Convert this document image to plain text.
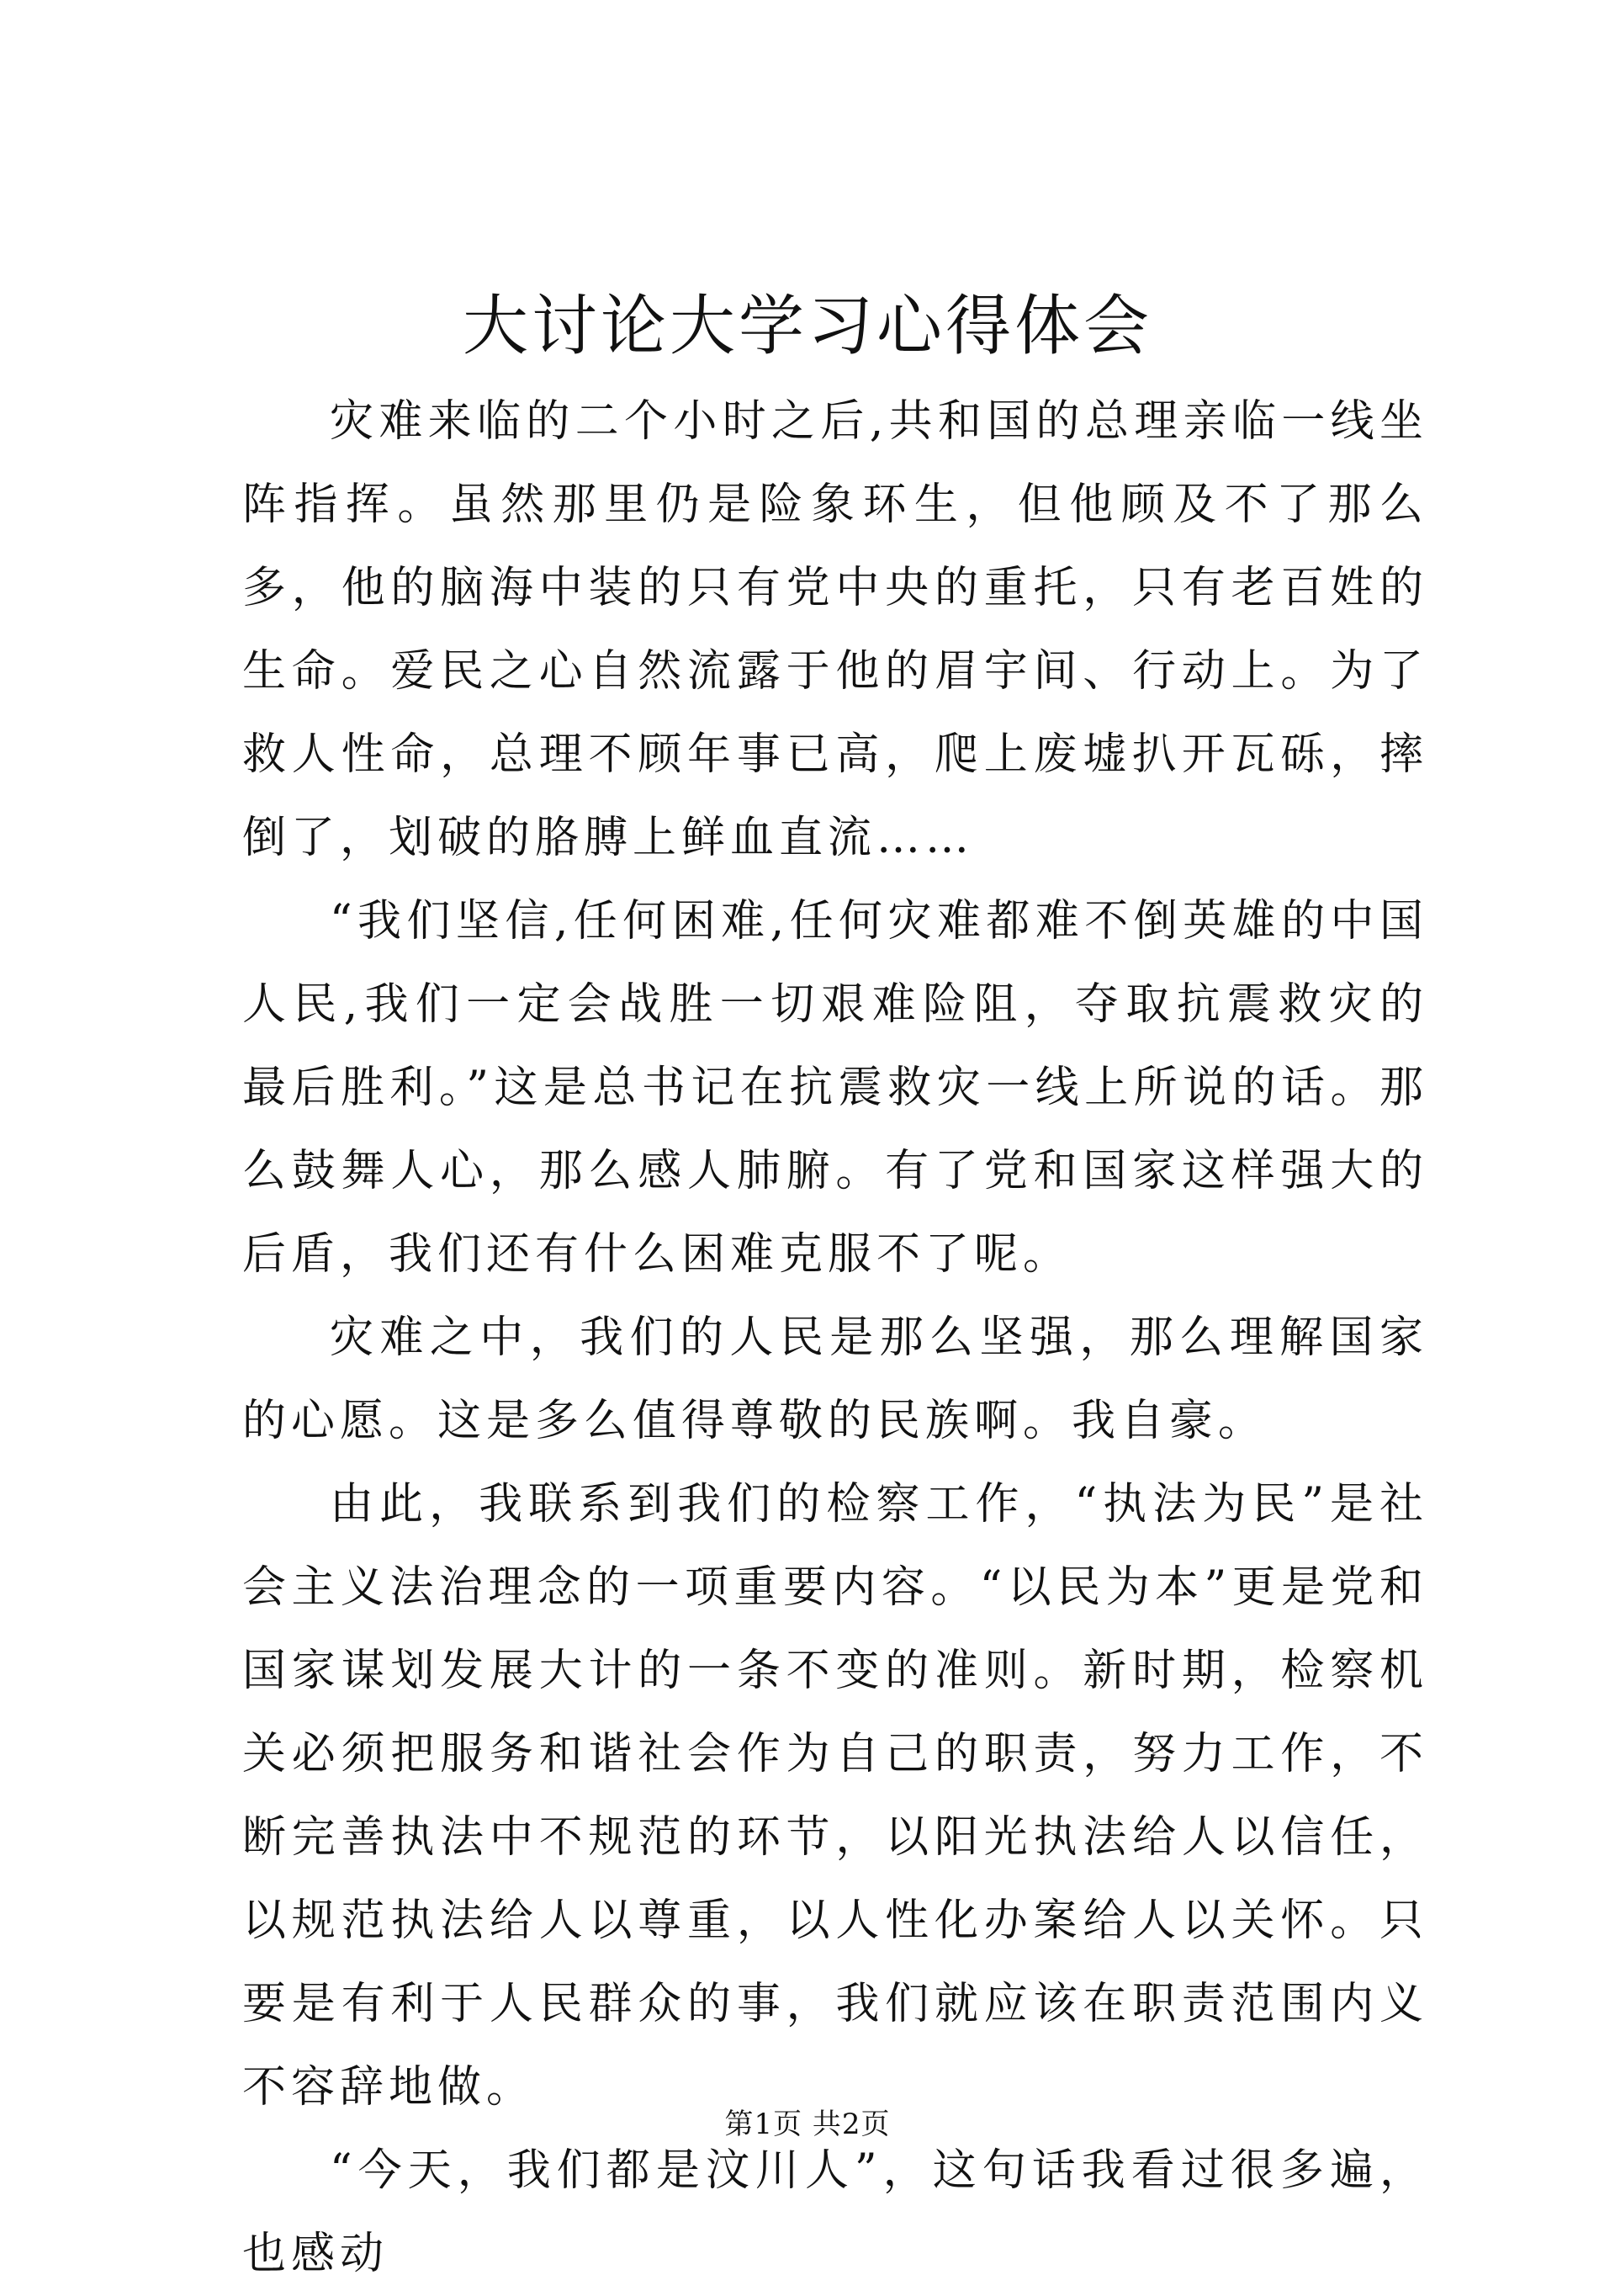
大讨论大学习心得体会

灾难来临的二个小时之后,共和国的总理亲临一线坐阵指挥。虽然那里仍是险象环生，但他顾及不了那么多，他的脑海中装的只有党中央的重托，只有老百姓的生命。爱民之心自然流露于他的眉宇间、行动上。为了救人性命，总理不顾年事已高，爬上废墟扒开瓦砾，摔倒了，划破的胳膊上鲜血直流……

“我们坚信,任何困难,任何灾难都难不倒英雄的中国人民,我们一定会战胜一切艰难险阻，夺取抗震救灾的最后胜利。”这是总书记在抗震救灾一线上所说的话。那么鼓舞人心，那么感人肺腑。有了党和国家这样强大的后盾，我们还有什么困难克服不了呢。

灾难之中，我们的人民是那么坚强，那么理解国家的心愿。这是多么值得尊敬的民族啊。我自豪。

由此，我联系到我们的检察工作，“执法为民”是社会主义法治理念的一项重要内容。“以民为本”更是党和国家谋划发展大计的一条不变的准则。新时期，检察机关必须把服务和谐社会作为自己的职责，努力工作，不断完善执法中不规范的环节，以阳光执法给人以信任，以规范执法给人以尊重，以人性化办案给人以关怀。只要是有利于人民群众的事，我们就应该在职责范围内义不容辞地做。

“今天，我们都是汶川人”，这句话我看过很多遍，也感动

第1页 共2页
